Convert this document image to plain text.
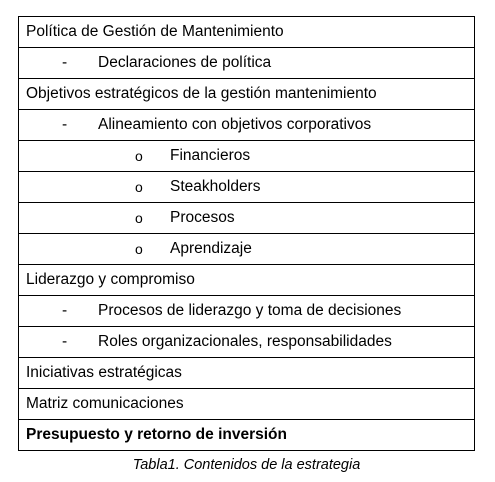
Política de Gestión de Mantenimiento

- Declaraciones de política

Objetivos estratégicos de la gestión mantenimiento

- Alineamiento con objetivos corporativos

o Financieros

o Steakholders

o Procesos

o Aprendizaje

Liderazgo y compromiso

- Procesos de liderazgo y toma de decisiones

- Roles organizacionales, responsabilidades

Iniciativas estratégicas
Matriz comunicaciones
Presupuesto y retorno de inversión
Tabla1. Contenidos de la estrategia
